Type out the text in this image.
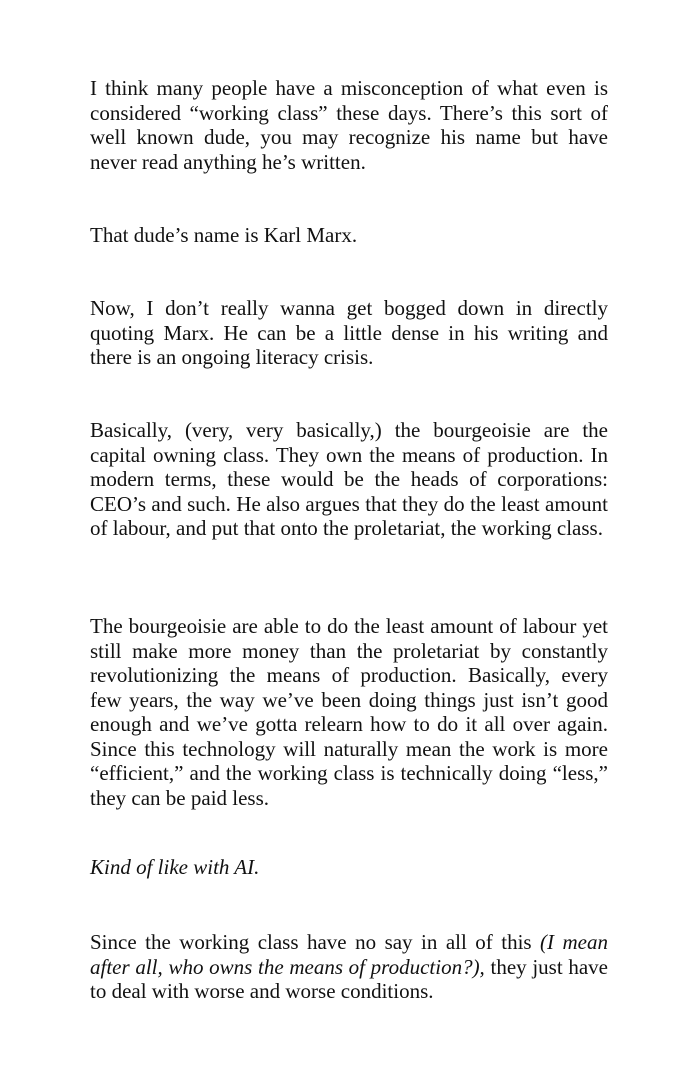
I think many people have a misconception of what even is considered “working class” these days. There’s this sort of well known dude, you may recognize his name but have never read anything he’s written.

That dude’s name is Karl Marx.

Now, I don’t really wanna get bogged down in directly quoting Marx. He can be a little dense in his writing and there is an ongoing literacy crisis.

Basically, (very, very basically,) the bourgeoisie are the capital owning class. They own the means of production. In modern terms, these would be the heads of corporations: CEO’s and such. He also argues that they do the least amount of labour, and put that onto the proletariat, the working class.

The bourgeoisie are able to do the least amount of labour yet still make more money than the proletariat by constantly revolutionizing the means of production. Basically, every few years, the way we’ve been doing things just isn’t good enough and we’ve gotta relearn how to do it all over again. Since this technology will naturally mean the work is more “efficient,” and the working class is technically doing “less,” they can be paid less.

Kind of like with AI.

Since the working class have no say in all of this (I mean after all, who owns the means of production?), they just have to deal with worse and worse conditions.
